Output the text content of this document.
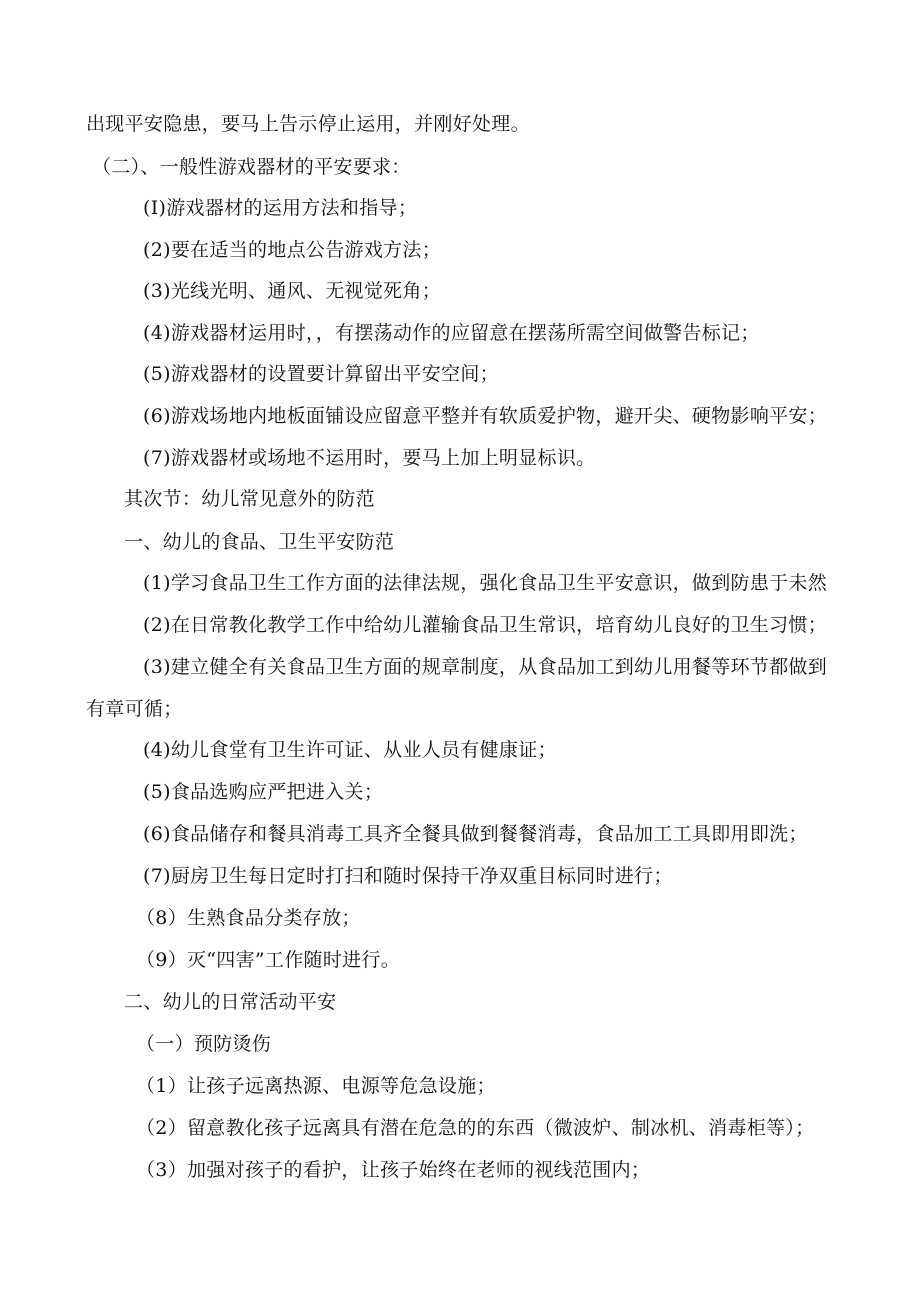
出现平安隐患，要马上告示停止运用，并刚好处理。
（二）、一般性游戏器材的平安要求：
(I)游戏器材的运用方法和指导；
(2)要在适当的地点公告游戏方法；
(3)光线光明、通风、无视觉死角；
(4)游戏器材运用时，，有摆荡动作的应留意在摆荡所需空间做警告标记；
(5)游戏器材的设置要计算留出平安空间；
(6)游戏场地内地板面铺设应留意平整并有软质爱护物，避开尖、硬物影响平安；
(7)游戏器材或场地不运用时，要马上加上明显标识。
其次节：幼儿常见意外的防范
一、幼儿的食品、卫生平安防范
(1)学习食品卫生工作方面的法律法规，强化食品卫生平安意识，做到防患于未然
(2)在日常教化教学工作中给幼儿灌输食品卫生常识，培育幼儿良好的卫生习惯；
(3)建立健全有关食品卫生方面的规章制度，从食品加工到幼儿用餐等环节都做到
有章可循；
(4)幼儿食堂有卫生许可证、从业人员有健康证；
(5)食品选购应严把进入关；
(6)食品储存和餐具消毒工具齐全餐具做到餐餐消毒，食品加工工具即用即洗；
(7)厨房卫生每日定时打扫和随时保持干净双重目标同时进行；
（8）生熟食品分类存放；
（9）灭“四害”工作随时进行。
二、幼儿的日常活动平安
（一）预防烫伤
（1）让孩子远离热源、电源等危急设施；
（2）留意教化孩子远离具有潜在危急的的东西（微波炉、制冰机、消毒柜等）；
（3）加强对孩子的看护，让孩子始终在老师的视线范围内；
